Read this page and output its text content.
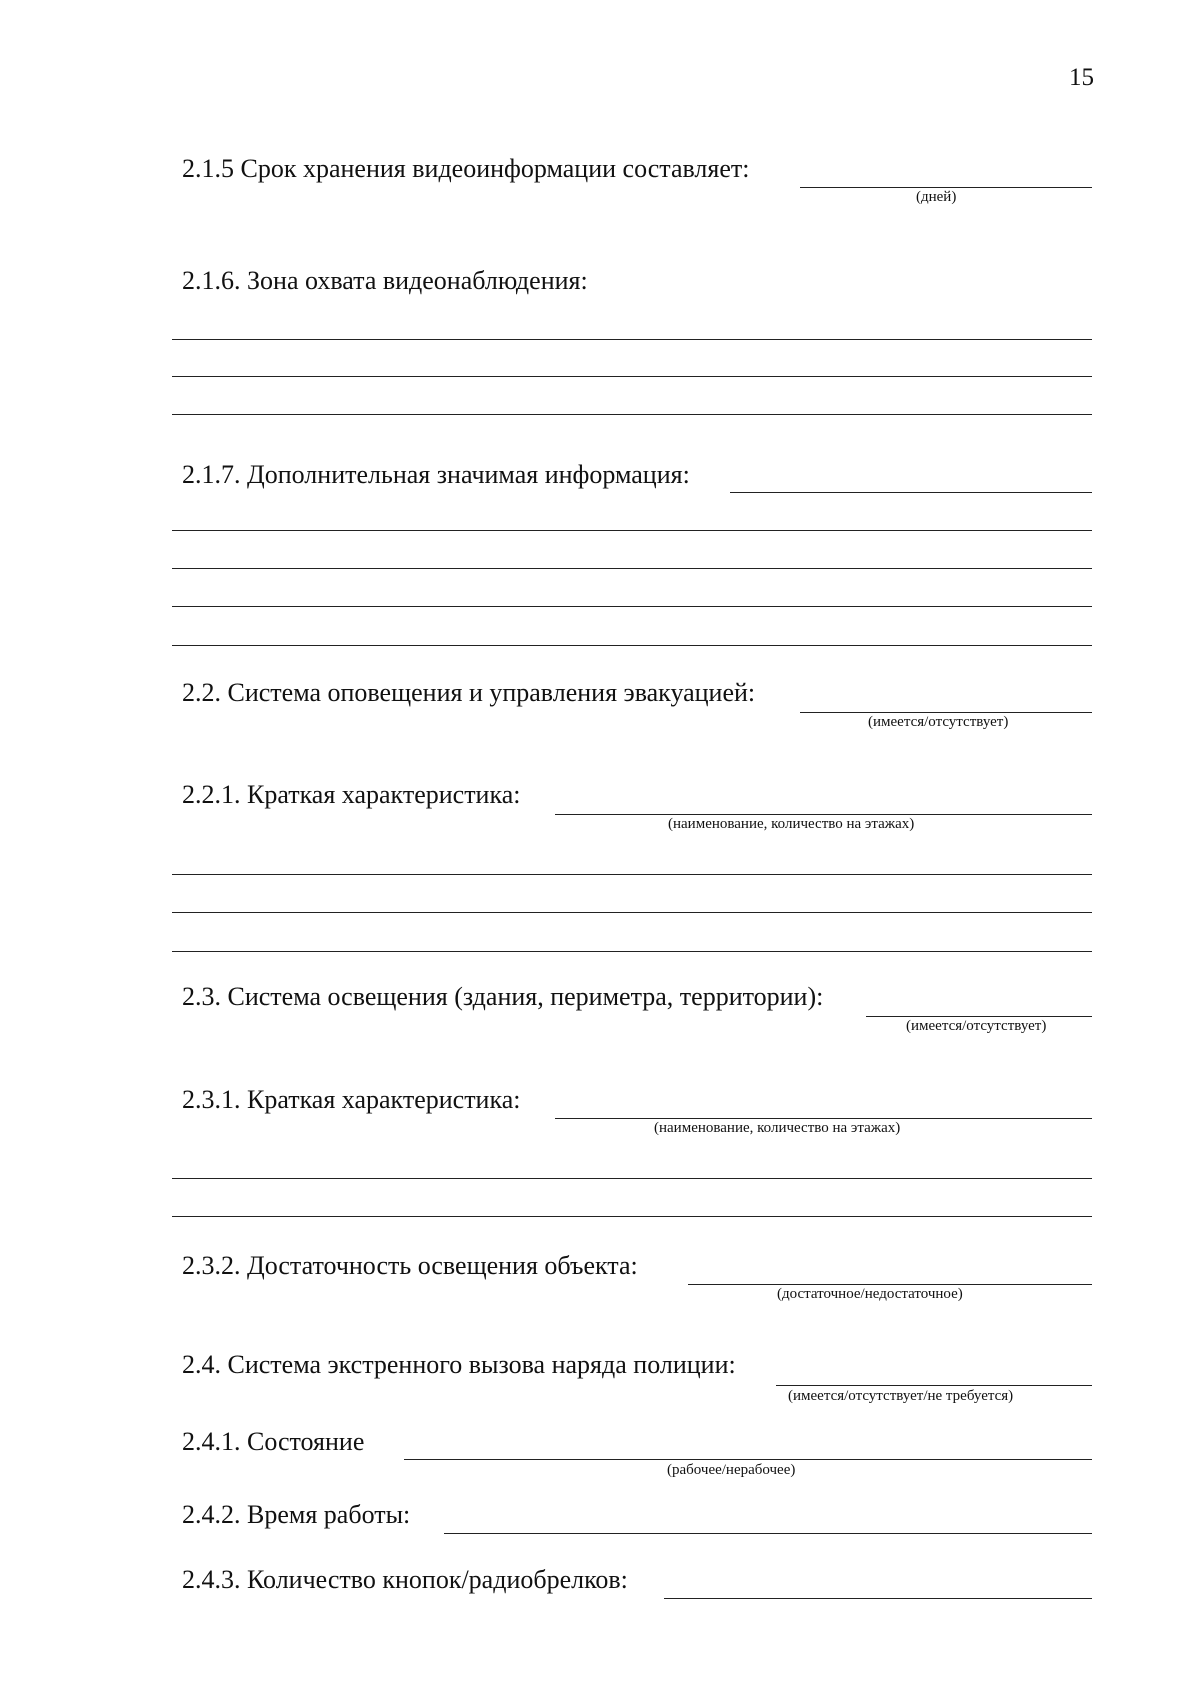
15
2.1.5 Срок хранения видеоинформации составляет:
(дней)
2.1.6. Зона охвата видеонаблюдения:
2.1.7. Дополнительная значимая информация:
2.2. Система оповещения и управления эвакуацией:
(имеется/отсутствует)
2.2.1. Краткая характеристика:
(наименование, количество на этажах)
2.3. Система освещения (здания, периметра, территории):
(имеется/отсутствует)
2.3.1. Краткая характеристика:
(наименование, количество на этажах)
2.3.2. Достаточность освещения объекта:
(достаточное/недостаточное)
2.4. Система экстренного вызова наряда полиции:
(имеется/отсутствует/не требуется)
2.4.1. Состояние
(рабочее/нерабочее)
2.4.2. Время работы:
2.4.3. Количество кнопок/радиобрелков:
